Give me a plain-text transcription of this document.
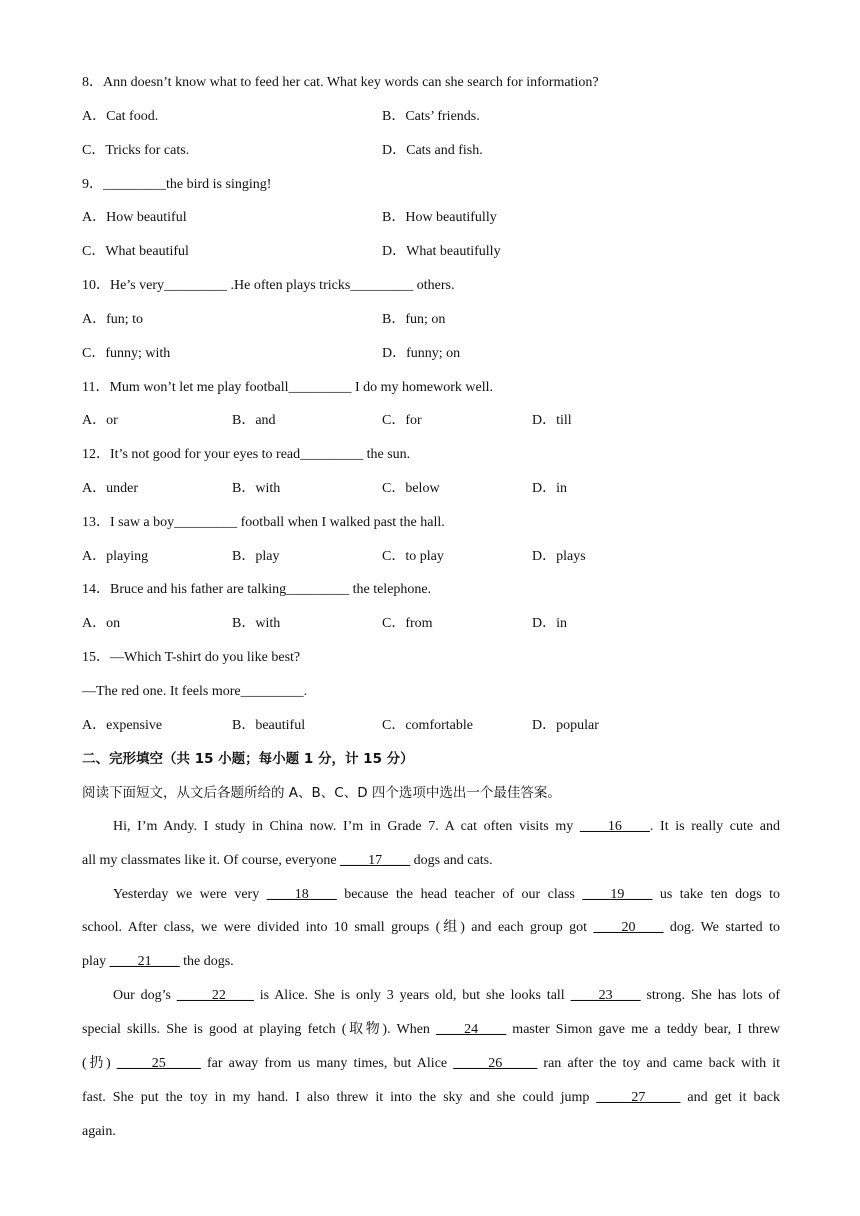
8．Ann doesn’t know what to feed her cat. What key words can she search for information?
A．Cat food.	B．Cats’ friends.
C．Tricks for cats.	D．Cats and fish.
9．_________the bird is singing!
A．How beautiful	B．How beautifully
C．What beautiful	D．What beautifully
10．He’s very_________ .He often plays tricks_________ others.
A．fun; to	B．fun; on
C．funny; with	D．funny; on
11．Mum won’t let me play football_________ I do my homework well.
A．or	B．and	C．for	D．till
12．It’s not good for your eyes to read_________ the sun.
A．under	B．with	C．below	D．in
13．I saw a boy_________ football when I walked past the hall.
A．playing	B．play	C．to play	D．plays
14．Bruce and his father are talking_________ the telephone.
A．on	B．with	C．from	D．in
15．—Which T-shirt do you like best?
—The red one. It feels more_________.
A．expensive	B．beautiful	C．comfortable	D．popular
二、完形填空（共 15 小题；每小题 1 分，计 15 分）
阅读下面短文，从文后各题所给的 A、B、C、D 四个选项中选出一个最佳答案。
Hi, I’m Andy. I study in China now. I’m in Grade 7. A cat often visits my ____16____. It is really cute and
all my classmates like it. Of course, everyone ____17____ dogs and cats.
Yesterday we were very ____18____ because the head teacher of our class ____19____ us take ten dogs to
school. After class, we were divided into 10 small groups (组) and each group got ____20____ dog. We started to
play ____21____ the dogs.
Our dog’s _____22____ is Alice. She is only 3 years old, but she looks tall ____23____ strong. She has lots of
special skills. She is good at playing fetch (取物). When ____24____ master Simon gave me a teddy bear, I threw
(扔) _____25_____ far away from us many times, but Alice _____26_____ ran after the toy and came back with it
fast. She put the toy in my hand. I also threw it into the sky and she could jump _____27_____ and get it back
again.
